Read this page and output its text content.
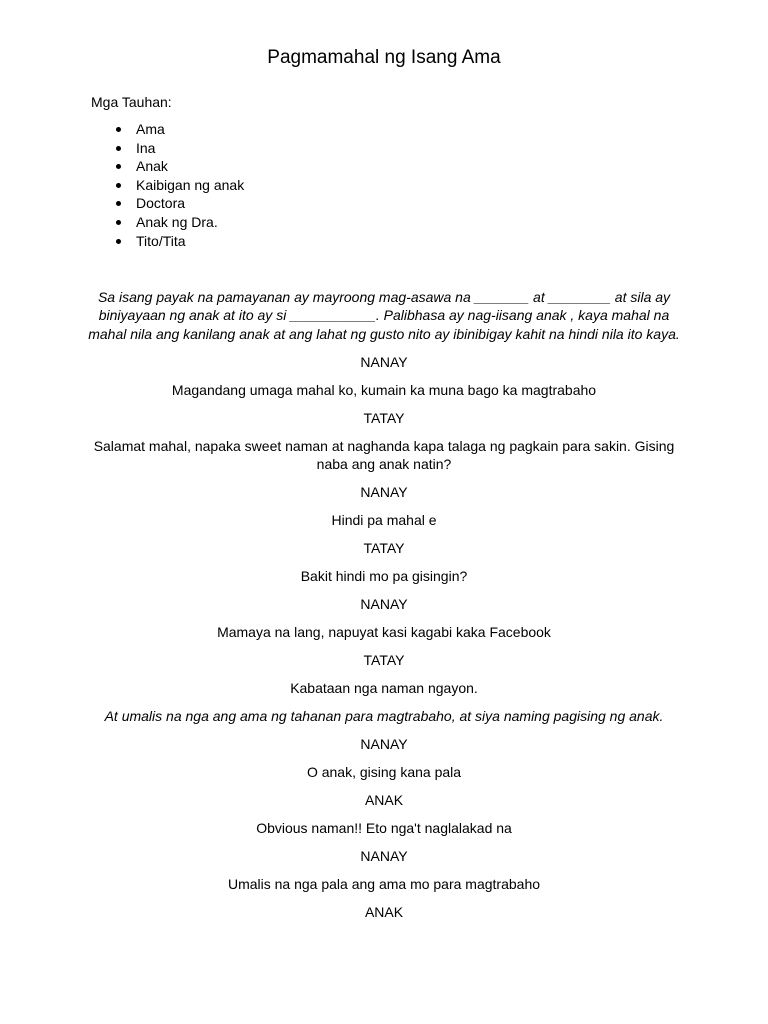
Pagmamahal ng Isang Ama
Mga Tauhan:
Ama
Ina
Anak
Kaibigan ng anak
Doctora
Anak ng Dra.
Tito/Tita

Sa isang payak na pamayanan ay mayroong mag-asawa na _______ at ________ at sila ay biniyayaan ng anak at ito ay si ___________. Palibhasa ay nag-iisang anak , kaya mahal na mahal nila ang kanilang anak at ang lahat ng gusto nito ay ibinibigay kahit na hindi nila ito kaya.

NANAY

Magandang umaga mahal ko, kumain ka muna bago ka magtrabaho

TATAY

Salamat mahal, napaka sweet naman at naghanda kapa talaga ng pagkain para sakin. Gising naba ang anak natin?

NANAY

Hindi pa mahal e

TATAY

Bakit hindi mo pa gisingin?

NANAY

Mamaya na lang, napuyat kasi kagabi kaka Facebook

TATAY

Kabataan nga naman ngayon.

At umalis na nga ang ama ng tahanan para magtrabaho, at siya naming pagising ng anak.

NANAY

O anak, gising kana pala

ANAK

Obvious naman!! Eto nga't naglalakad na

NANAY

Umalis na nga pala ang ama mo para magtrabaho

ANAK
